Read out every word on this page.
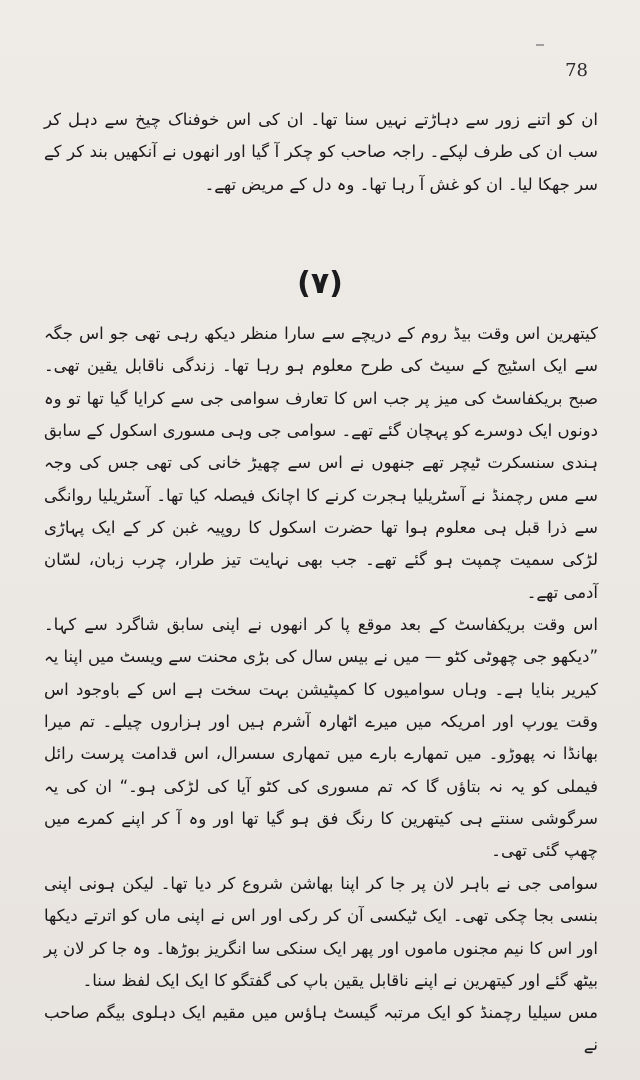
78

ان کو اتنے زور سے دہاڑتے نہیں سنا تھا۔ ان کی اس خوفناک چیخ سے دہل کر سب ان کی طرف لپکے۔ راجہ صاحب کو چکر آ گیا اور انھوں نے آنکھیں بند کر کے سر جھکا لیا۔ ان کو غش آ رہا تھا۔ وہ دل کے مریض تھے۔

(۷)

کیتھرین اس وقت بیڈ روم کے دریچے سے سارا منظر دیکھ رہی تھی جو اس جگہ سے ایک اسٹیج کے سیٹ کی طرح معلوم ہو رہا تھا۔ زندگی ناقابل یقین تھی۔ صبح بریکفاسٹ کی میز پر جب اس کا تعارف سوامی جی سے کرایا گیا تھا تو وہ دونوں ایک دوسرے کو پہچان گئے تھے۔ سوامی جی وہی مسوری اسکول کے سابق ہندی سنسکرت ٹیچر تھے جنھوں نے اس سے چھیڑ خانی کی تھی جس کی وجہ سے مس رچمنڈ نے آسٹریلیا ہجرت کرنے کا اچانک فیصلہ کیا تھا۔ آسٹریلیا روانگی سے ذرا قبل ہی معلوم ہوا تھا حضرت اسکول کا روپیہ غبن کر کے ایک پہاڑی لڑکی سمیت چمپت ہو گئے تھے۔ جب بھی نہایت تیز طرار، چرب زبان، لسّان آدمی تھے۔

اس وقت بریکفاسٹ کے بعد موقع پا کر انھوں نے اپنی سابق شاگرد سے کہا۔ ”دیکھو جی چھوٹی کٹو — میں نے بیس سال کی بڑی محنت سے ویسٹ میں اپنا یہ کیریر بنایا ہے۔ وہاں سوامیوں کا کمپٹیشن بہت سخت ہے اس کے باوجود اس وقت یورپ اور امریکہ میں میرے اٹھارہ آشرم ہیں اور ہزاروں چیلے۔ تم میرا بھانڈا نہ پھوڑو۔ میں تمھارے بارے میں تمھاری سسرال، اس قدامت پرست رائل فیملی کو یہ نہ بتاؤں گا کہ تم مسوری کی کٹو آیا کی لڑکی ہو۔“ ان کی یہ سرگوشی سنتے ہی کیتھرین کا رنگ فق ہو گیا تھا اور وہ آ کر اپنے کمرے میں چھپ گئی تھی۔

سوامی جی نے باہر لان پر جا کر اپنا بھاشن شروع کر دیا تھا۔ لیکن ہونی اپنی بنسی بجا چکی تھی۔ ایک ٹیکسی آن کر رکی اور اس نے اپنی ماں کو اترتے دیکھا اور اس کا نیم مجنوں ماموں اور پھر ایک سنکی سا انگریز بوڑھا۔ وہ جا کر لان پر بیٹھ گئے اور کیتھرین نے اپنے ناقابل یقین باپ کی گفتگو کا ایک ایک لفظ سنا۔

مس سیلیا رچمنڈ کو ایک مرتبہ گیسٹ ہاؤس میں مقیم ایک دہلوی بیگم صاحب نے
